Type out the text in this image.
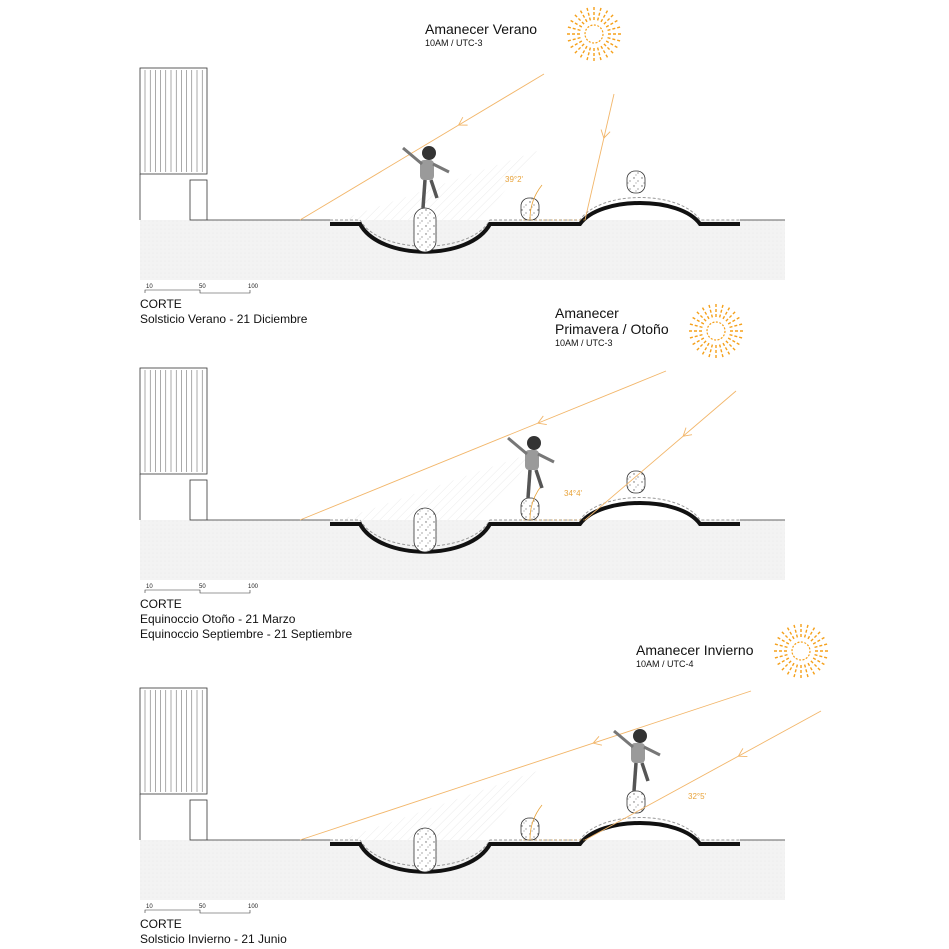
10	50	100
39°2'
Amanecer Verano
10AM / UTC-3
CORTE
Solsticio Verano - 21 Diciembre
10	50	100
34°4'
Amanecer
Primavera / Otoño
10AM / UTC-3
CORTE
Equinoccio Otoño - 21 Marzo
Equinoccio Septiembre - 21 Septiembre
10	50	100
32°5'
Amanecer Invierno
10AM / UTC-4
CORTE
Solsticio Invierno - 21 Junio
